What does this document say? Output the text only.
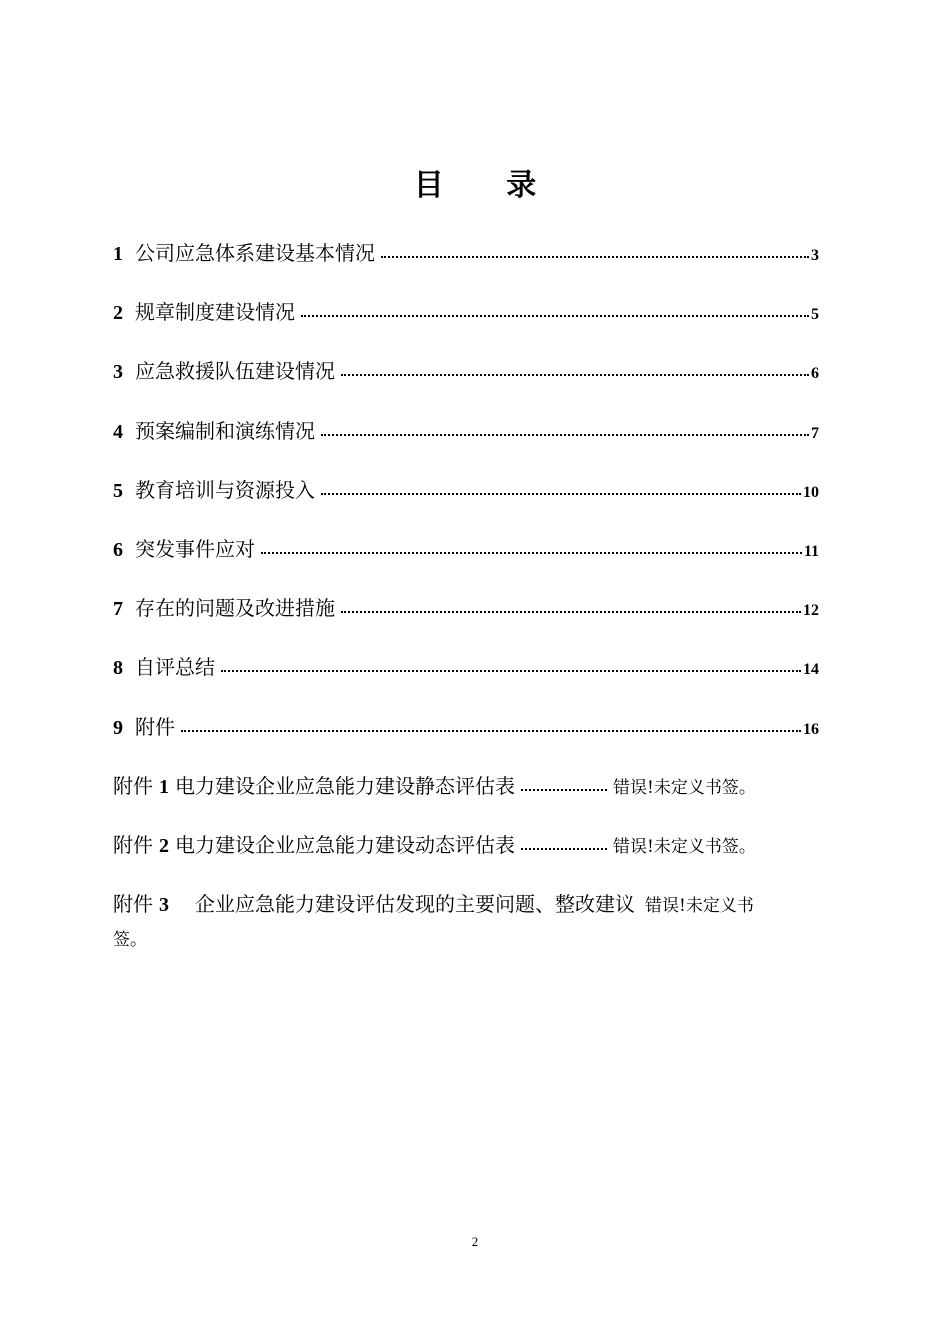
目 录
1 公司应急体系建设基本情况	3
2 规章制度建设情况	5
3 应急救援队伍建设情况	6
4 预案编制和演练情况	7
5 教育培训与资源投入	10
6 突发事件应对	11
7 存在的问题及改进措施	12
8 自评总结	14
9 附件	16
附件 1 电力建设企业应急能力建设静态评估表	错误!未定义书签。
附件 2 电力建设企业应急能力建设动态评估表	错误!未定义书签。
附件 3 企业应急能力建设评估发现的主要问题、整改建议 错误!未定义书
签。
2
